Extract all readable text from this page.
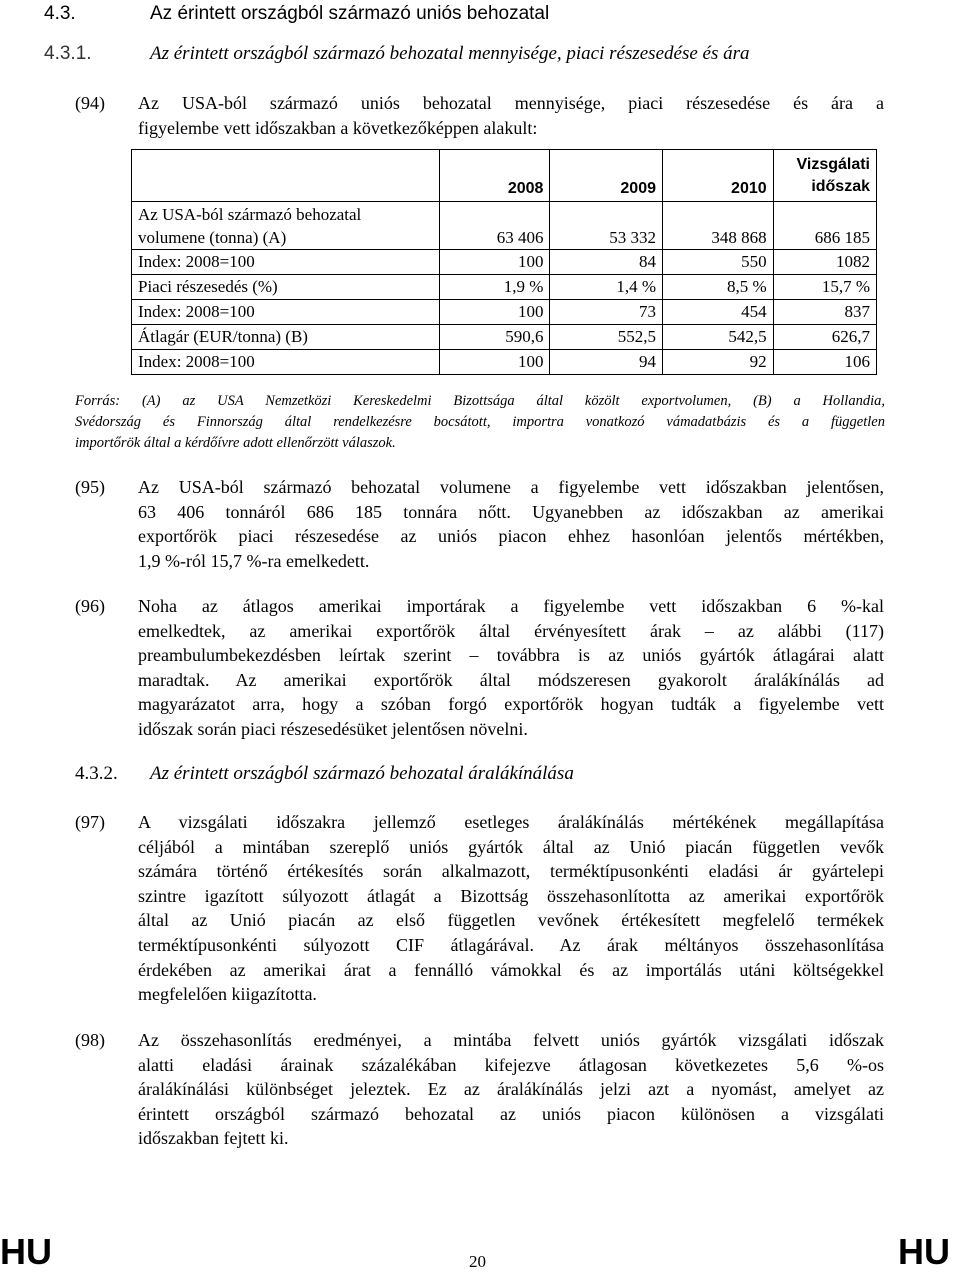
4.3.	Az érintett országból származó uniós behozatal
4.3.1.	Az érintett országból származó behozatal mennyisége, piaci részesedése és ára
(94) Az USA-ból származó uniós behozatal mennyisége, piaci részesedése és ára a
figyelembe vett időszakban a következőképpen alakult:
	2008	2009	2010	Vizsgálati
időszak

Az USA-ból származó behozatal
volumene (tonna) (A)	63 406	53 332	348 868	686 185
Index: 2008=100	100	84	550	1082
Piaci részesedés (%)	1,9 %	1,4 %	8,5 %	15,7 %
Index: 2008=100	100	73	454	837
Átlagár (EUR/tonna) (B)	590,6	552,5	542,5	626,7
Index: 2008=100	100	94	92	106
Forrás: (A) az USA Nemzetközi Kereskedelmi Bizottsága által közölt exportvolumen, (B) a Hollandia,
Svédország és Finnország által rendelkezésre bocsátott, importra vonatkozó vámadatbázis és a független
importőrök által a kérdőívre adott ellenőrzött válaszok.
(95) Az USA-ból származó behozatal volumene a figyelembe vett időszakban jelentősen,
63 406 tonnáról 686 185 tonnára nőtt. Ugyanebben az időszakban az amerikai
exportőrök piaci részesedése az uniós piacon ehhez hasonlóan jelentős mértékben,
1,9 %-ról 15,7 %-ra emelkedett.
(96) Noha az átlagos amerikai importárak a figyelembe vett időszakban 6 %-kal
emelkedtek, az amerikai exportőrök által érvényesített árak – az alábbi (117)
preambulumbekezdésben leírtak szerint – továbbra is az uniós gyártók átlagárai alatt
maradtak. Az amerikai exportőrök által módszeresen gyakorolt áralákínálás ad
magyarázatot arra, hogy a szóban forgó exportőrök hogyan tudták a figyelembe vett
időszak során piaci részesedésüket jelentősen növelni.
4.3.2. Az érintett országból származó behozatal áralákínálása
(97) A vizsgálati időszakra jellemző esetleges áralákínálás mértékének megállapítása
céljából a mintában szereplő uniós gyártók által az Unió piacán független vevők
számára történő értékesítés során alkalmazott, terméktípusonkénti eladási ár gyártelepi
szintre igazított súlyozott átlagát a Bizottság összehasonlította az amerikai exportőrök
által az Unió piacán az első független vevőnek értékesített megfelelő termékek
terméktípusonkénti súlyozott CIF átlagárával. Az árak méltányos összehasonlítása
érdekében az amerikai árat a fennálló vámokkal és az importálás utáni költségekkel
megfelelően kiigazította.
(98) Az összehasonlítás eredményei, a mintába felvett uniós gyártók vizsgálati időszak
alatti eladási árainak százalékában kifejezve átlagosan következetes 5,6 %-os
áralákínálási különbséget jeleztek. Ez az áralákínálás jelzi azt a nyomást, amelyet az
érintett országból származó behozatal az uniós piacon különösen a vizsgálati
időszakban fejtett ki.
HU	20	HU
